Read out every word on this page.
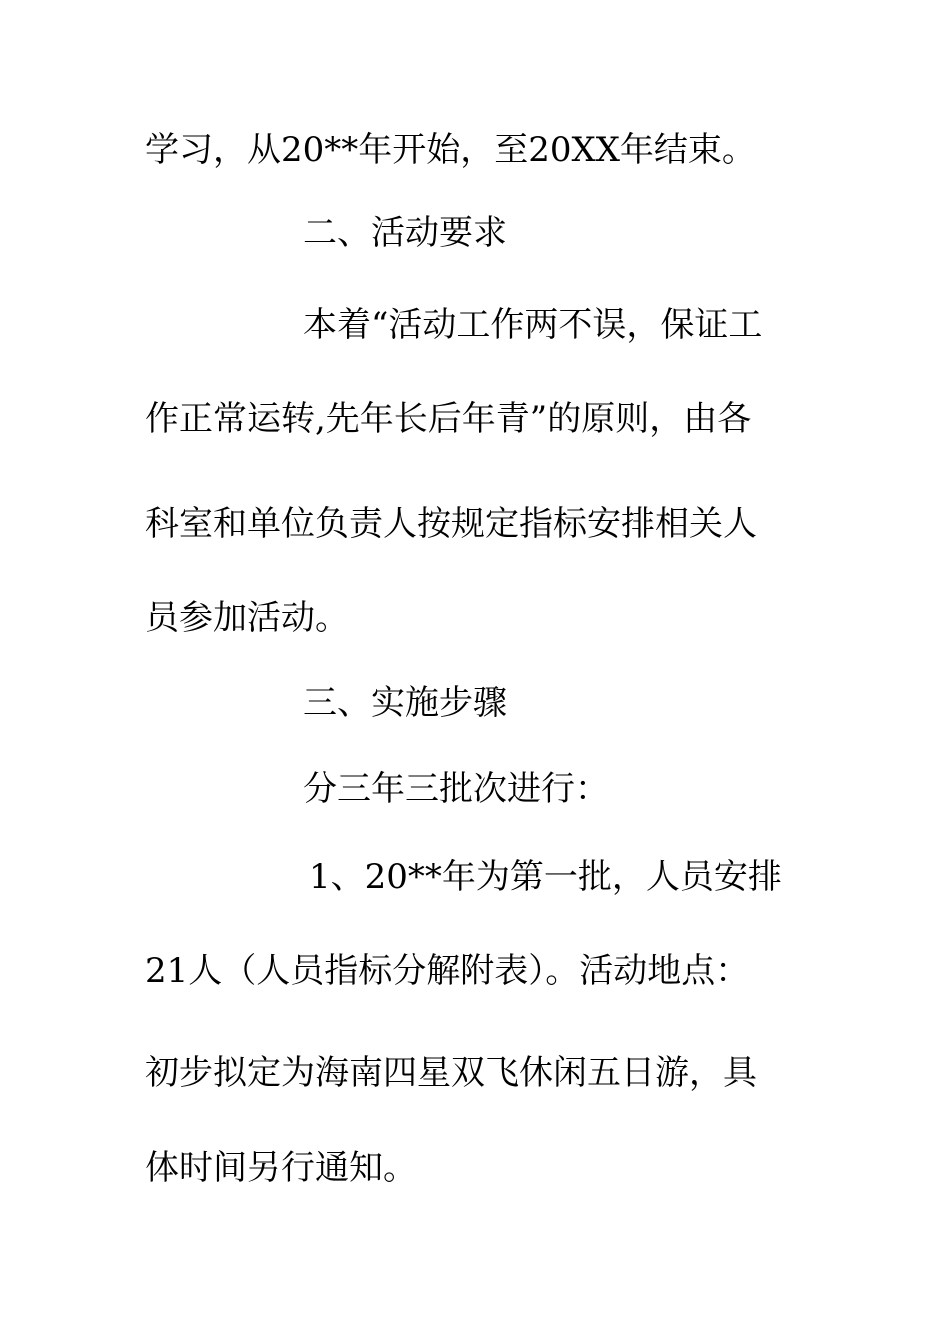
学习，从20**年开始，至20XX年结束。

二、活动要求

本着“活动工作两不误，保证工

作正常运转,先年长后年青”的原则，由各

科室和单位负责人按规定指标安排相关人

员参加活动。

三、实施步骤

分三年三批次进行：

1、20**年为第一批，人员安排

21人（人员指标分解附表）。活动地点：

初步拟定为海南四星双飞休闲五日游，具

体时间另行通知。
